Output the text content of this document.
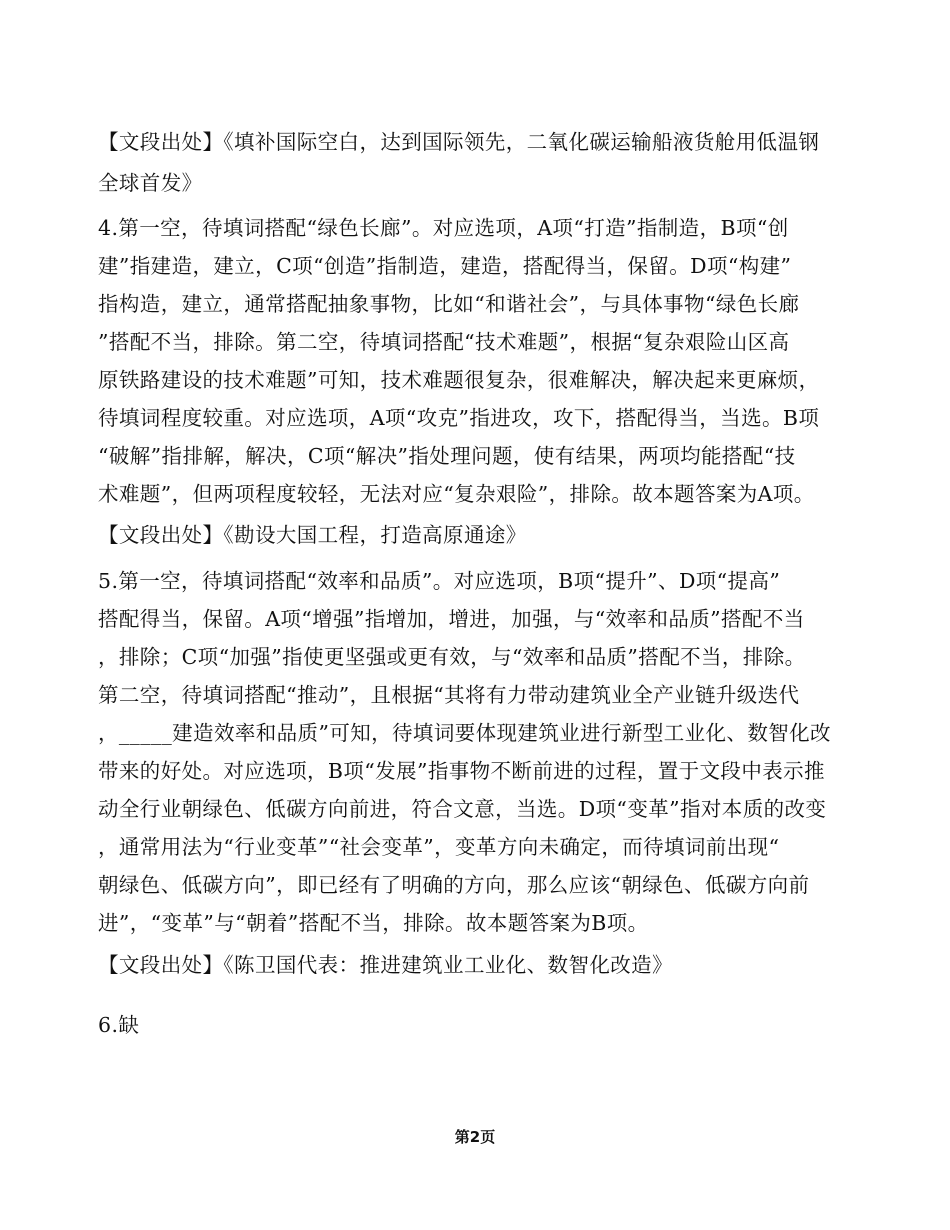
【文段出处】《填补国际空白，达到国际领先，二氧化碳运输船液货舱用低温钢
全球首发》
4.第一空，待填词搭配“绿色长廊”。对应选项，A项“打造”指制造，B项“创
建”指建造，建立，C项“创造”指制造，建造，搭配得当，保留。D项“构建”
指构造，建立，通常搭配抽象事物，比如“和谐社会”，与具体事物“绿色长廊
”搭配不当，排除。第二空，待填词搭配“技术难题”，根据“复杂艰险山区高
原铁路建设的技术难题”可知，技术难题很复杂，很难解决，解决起来更麻烦，
待填词程度较重。对应选项，A项“攻克”指进攻，攻下，搭配得当，当选。B项
“破解”指排解，解决，C项“解决”指处理问题，使有结果，两项均能搭配“技
术难题”，但两项程度较轻，无法对应“复杂艰险”，排除。故本题答案为A项。
【文段出处】《勘设大国工程，打造高原通途》
5.第一空，待填词搭配“效率和品质”。对应选项，B项“提升”、D项“提高”
搭配得当，保留。A项“增强”指增加，增进，加强，与“效率和品质”搭配不当
，排除；C项“加强”指使更坚强或更有效，与“效率和品质”搭配不当，排除。
第二空，待填词搭配“推动”，且根据“其将有力带动建筑业全产业链升级迭代
，_____建造效率和品质”可知，待填词要体现建筑业进行新型工业化、数智化改
带来的好处。对应选项，B项“发展”指事物不断前进的过程，置于文段中表示推
动全行业朝绿色、低碳方向前进，符合文意，当选。D项“变革”指对本质的改变
，通常用法为“行业变革”“社会变革”，变革方向未确定，而待填词前出现“
朝绿色、低碳方向”，即已经有了明确的方向，那么应该“朝绿色、低碳方向前
进”，“变革”与“朝着”搭配不当，排除。故本题答案为B项。
【文段出处】《陈卫国代表：推进建筑业工业化、数智化改造》
6.缺
第2页
